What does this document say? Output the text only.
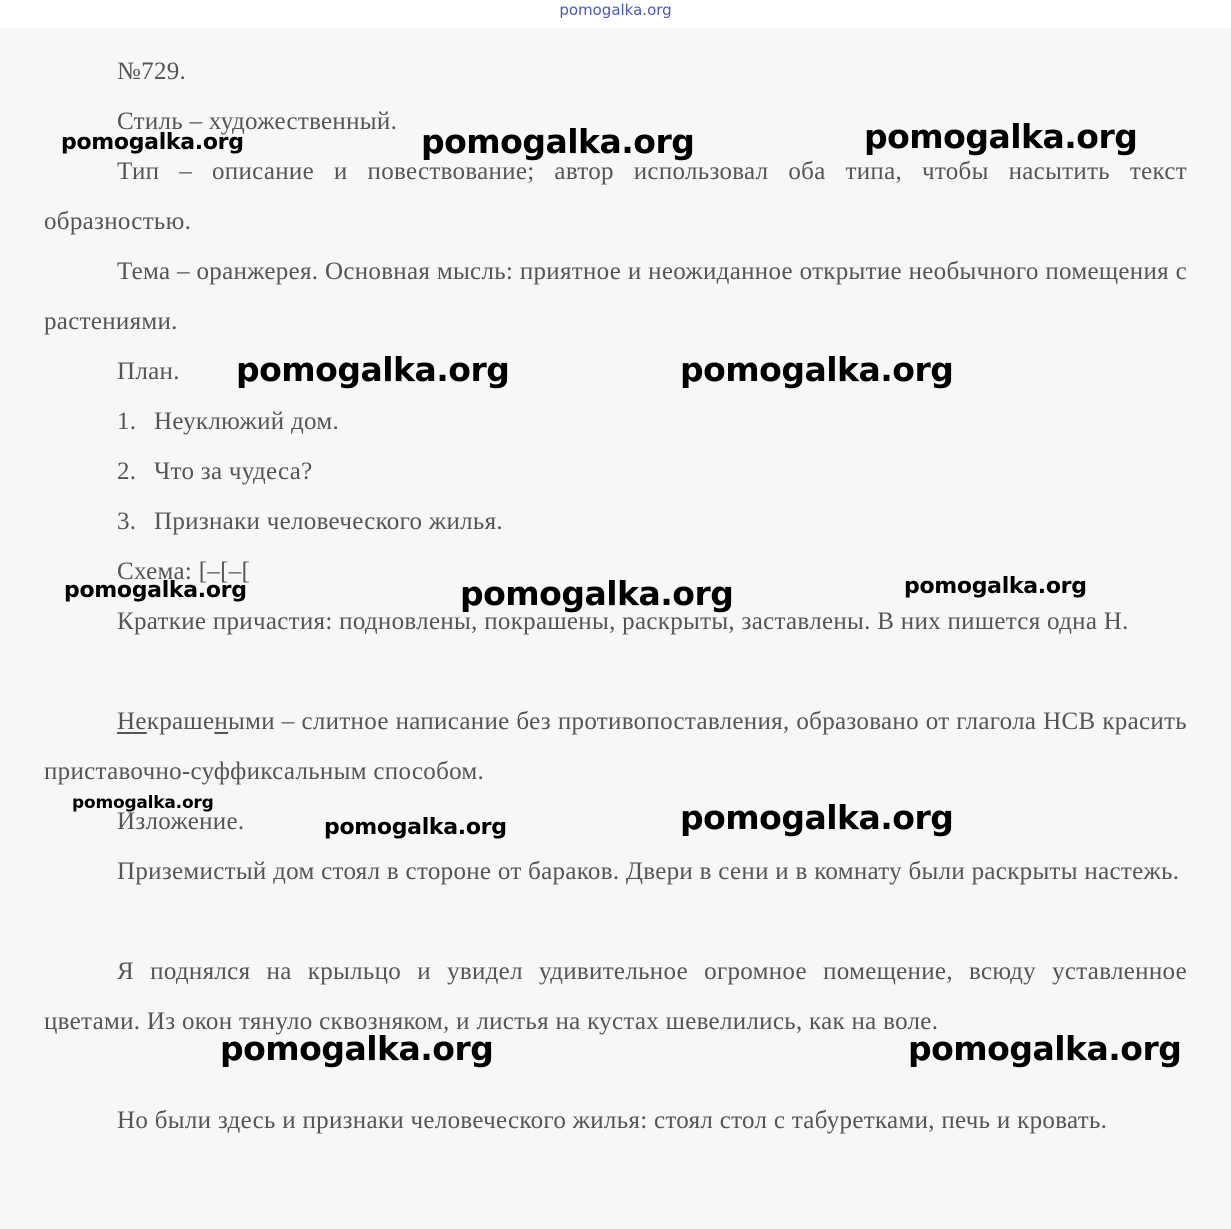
pomogalka.org

№729.

Стиль – художественный.

Тип – описание и повествование; автор использовал оба типа, чтобы насытить текст образностью.

Тема – оранжерея. Основная мысль: приятное и неожиданное открытие необычного помещения с растениями.

План.

1. Неуклюжий дом.

2. Что за чудеса?

3. Признаки человеческого жилья.

Схема: [–[–[

Краткие причастия: подновлены, покрашены, раскрыты, заставлены. В них пишется одна Н.

Некрашеными – слитное написание без противопоставления, образовано от глагола НСВ красить приставочно-суффиксальным способом.

Изложение.

Приземистый дом стоял в стороне от бараков. Двери в сени и в комнату были раскрыты настежь.

Я поднялся на крыльцо и увидел удивительное огромное помещение, всюду уставленное цветами. Из окон тянуло сквозняком, и листья на кустах шевелились, как на воле.

Но были здесь и признаки человеческого жилья: стоял стол с табуретками, печь и кровать.

pomogalka.org	pomogalka.org	pomogalka.org
pomogalka.org	pomogalka.org
pomogalka.org	pomogalka.org	pomogalka.org
pomogalka.org
pomogalka.org	pomogalka.org
pomogalka.org	pomogalka.org
